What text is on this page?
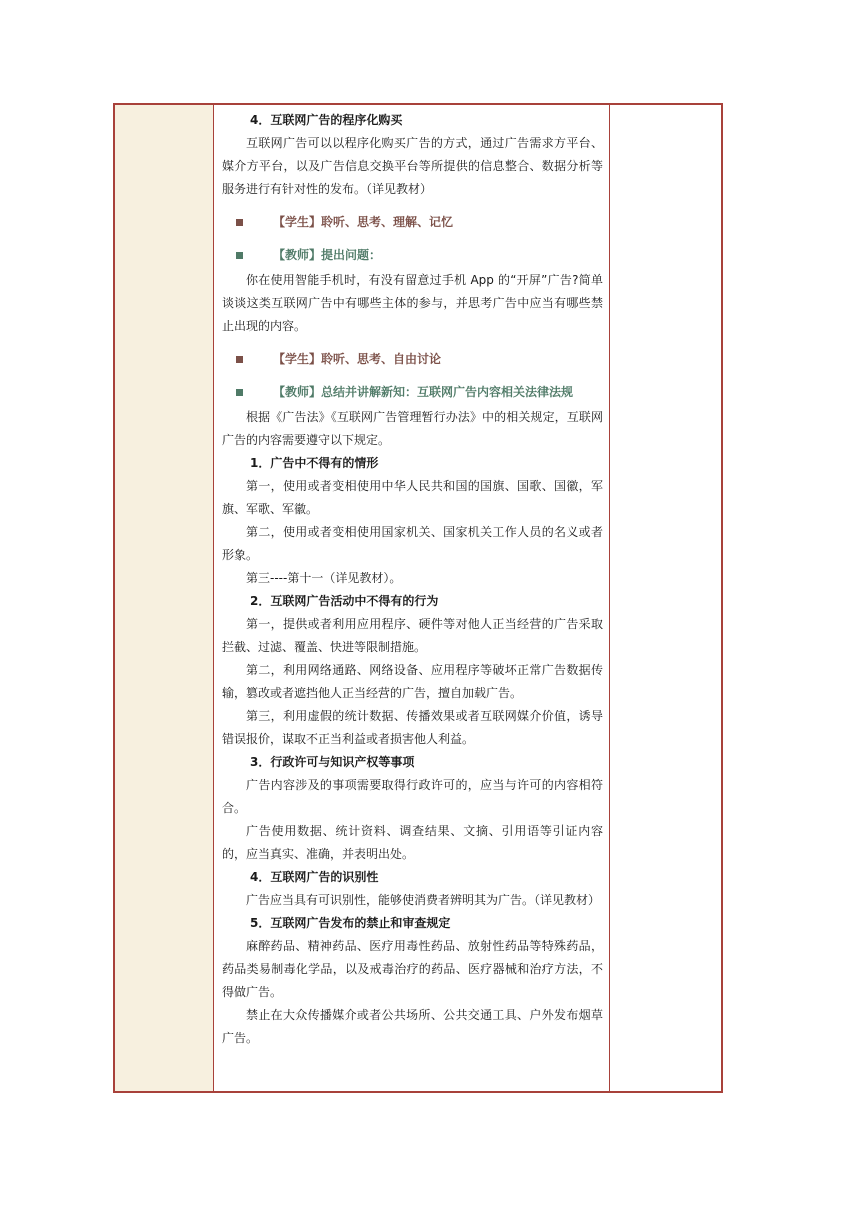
4．互联网广告的程序化购买
互联网广告可以以程序化购买广告的方式，通过广告需求方平台、媒介方平台，以及广告信息交换平台等所提供的信息整合、数据分析等服务进行有针对性的发布。（详见教材）
【学生】聆听、思考、理解、记忆
【教师】提出问题：
你在使用智能手机时，有没有留意过手机 App 的“开屏”广告?简单谈谈这类互联网广告中有哪些主体的参与，并思考广告中应当有哪些禁止出现的内容。
【学生】聆听、思考、自由讨论
【教师】总结并讲解新知：互联网广告内容相关法律法规
根据《广告法》《互联网广告管理暂行办法》中的相关规定，互联网广告的内容需要遵守以下规定。
1．广告中不得有的情形
第一，使用或者变相使用中华人民共和国的国旗、国歌、国徽，军旗、军歌、军徽。
第二，使用或者变相使用国家机关、国家机关工作人员的名义或者形象。
第三----第十一（详见教材）。
2．互联网广告活动中不得有的行为
第一，提供或者利用应用程序、硬件等对他人正当经营的广告采取拦截、过滤、覆盖、快进等限制措施。
第二，利用网络通路、网络设备、应用程序等破坏正常广告数据传输，篡改或者遮挡他人正当经营的广告，擅自加载广告。
第三，利用虚假的统计数据、传播效果或者互联网媒介价值，诱导错误报价，谋取不正当利益或者损害他人利益。
3．行政许可与知识产权等事项
广告内容涉及的事项需要取得行政许可的，应当与许可的内容相符合。
广告使用数据、统计资料、调查结果、文摘、引用语等引证内容的，应当真实、准确，并表明出处。
4．互联网广告的识别性
广告应当具有可识别性，能够使消费者辨明其为广告。（详见教材）
5．互联网广告发布的禁止和审查规定
麻醉药品、精神药品、医疗用毒性药品、放射性药品等特殊药品，药品类易制毒化学品，以及戒毒治疗的药品、医疗器械和治疗方法，不得做广告。
禁止在大众传播媒介或者公共场所、公共交通工具、户外发布烟草广告。
